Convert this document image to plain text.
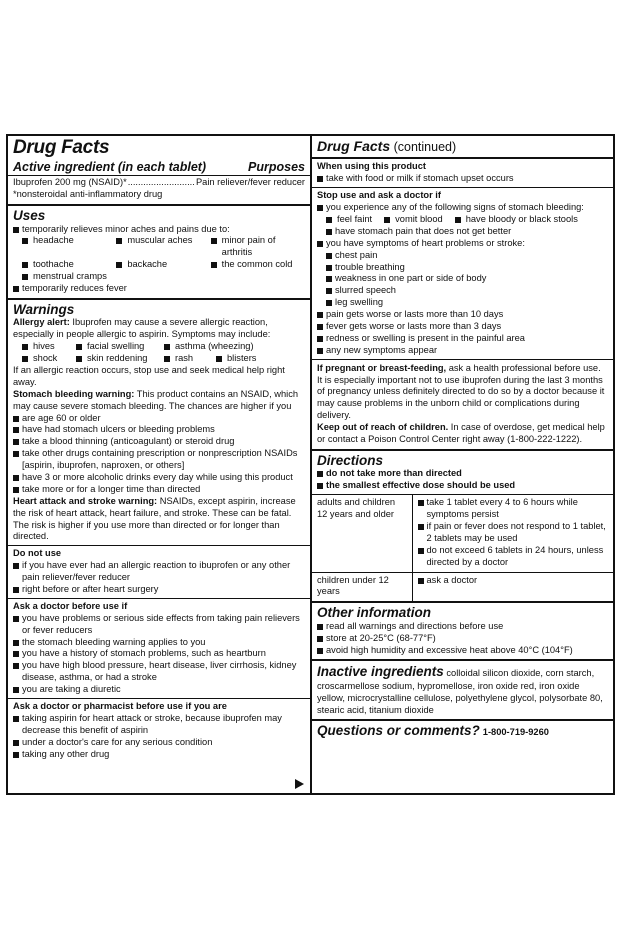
Drug Facts
Active ingredient (in each tablet)	Purposes
Ibuprofen 200 mg (NSAID)* .....	Pain reliever/fever reducer
*nonsteroidal anti-inflammatory drug
Uses
temporarily relieves minor aches and pains due to:
headache	muscular aches	minor pain of arthritis
toothache	backache	the common cold
menstrual cramps
temporarily reduces fever
Warnings
Allergy alert: Ibuprofen may cause a severe allergic reaction, especially in people allergic to aspirin. Symptoms may include:
hives	facial swelling	asthma (wheezing)
shock	skin reddening	rash	blisters
If an allergic reaction occurs, stop use and seek medical help right away.
Stomach bleeding warning: This product contains an NSAID, which may cause severe stomach bleeding. The chances are higher if you
are age 60 or older
have had stomach ulcers or bleeding problems
take a blood thinning (anticoagulant) or steroid drug
take other drugs containing prescription or nonprescription NSAIDs [aspirin, ibuprofen, naproxen, or others]
have 3 or more alcoholic drinks every day while using this product
take more or for a longer time than directed
Heart attack and stroke warning: NSAIDs, except aspirin, increase the risk of heart attack, heart failure, and stroke. These can be fatal. The risk is higher if you use more than directed or for longer than directed.
Do not use
if you have ever had an allergic reaction to ibuprofen or any other pain reliever/fever reducer
right before or after heart surgery
Ask a doctor before use if
you have problems or serious side effects from taking pain relievers or fever reducers
the stomach bleeding warning applies to you
you have a history of stomach problems, such as heartburn
you have high blood pressure, heart disease, liver cirrhosis, kidney disease, asthma, or had a stroke
you are taking a diuretic
Ask a doctor or pharmacist before use if you are
taking aspirin for heart attack or stroke, because ibuprofen may decrease this benefit of aspirin
under a doctor's care for any serious condition
taking any other drug
Drug Facts (continued)
When using this product
take with food or milk if stomach upset occurs
Stop use and ask a doctor if
you experience any of the following signs of stomach bleeding:
feel faint	vomit blood	have bloody or black stools
have stomach pain that does not get better
you have symptoms of heart problems or stroke:
chest pain
trouble breathing
weakness in one part or side of body
slurred speech
leg swelling
pain gets worse or lasts more than 10 days
fever gets worse or lasts more than 3 days
redness or swelling is present in the painful area
any new symptoms appear
If pregnant or breast-feeding, ask a health professional before use. It is especially important not to use ibuprofen during the last 3 months of pregnancy unless definitely directed to do so by a doctor because it may cause problems in the unborn child or complications during delivery.
Keep out of reach of children. In case of overdose, get medical help or contact a Poison Control Center right away (1-800-222-1222).
Directions
do not take more than directed
the smallest effective dose should be used
adults and children 12 years and older	take 1 tablet every 4 to 6 hours while symptoms persist
if pain or fever does not respond to 1 tablet, 2 tablets may be used
do not exceed 6 tablets in 24 hours, unless directed by a doctor

children under 12 years	ask a doctor
Other information
read all warnings and directions before use
store at 20-25°C (68-77°F)
avoid high humidity and excessive heat above 40°C (104°F)
Inactive ingredients colloidal silicon dioxide, corn starch, croscarmellose sodium, hypromellose, iron oxide red, iron oxide yellow, microcrystalline cellulose, polyethylene glycol, polysorbate 80, stearic acid, titanium dioxide
Questions or comments? 1-800-719-9260
